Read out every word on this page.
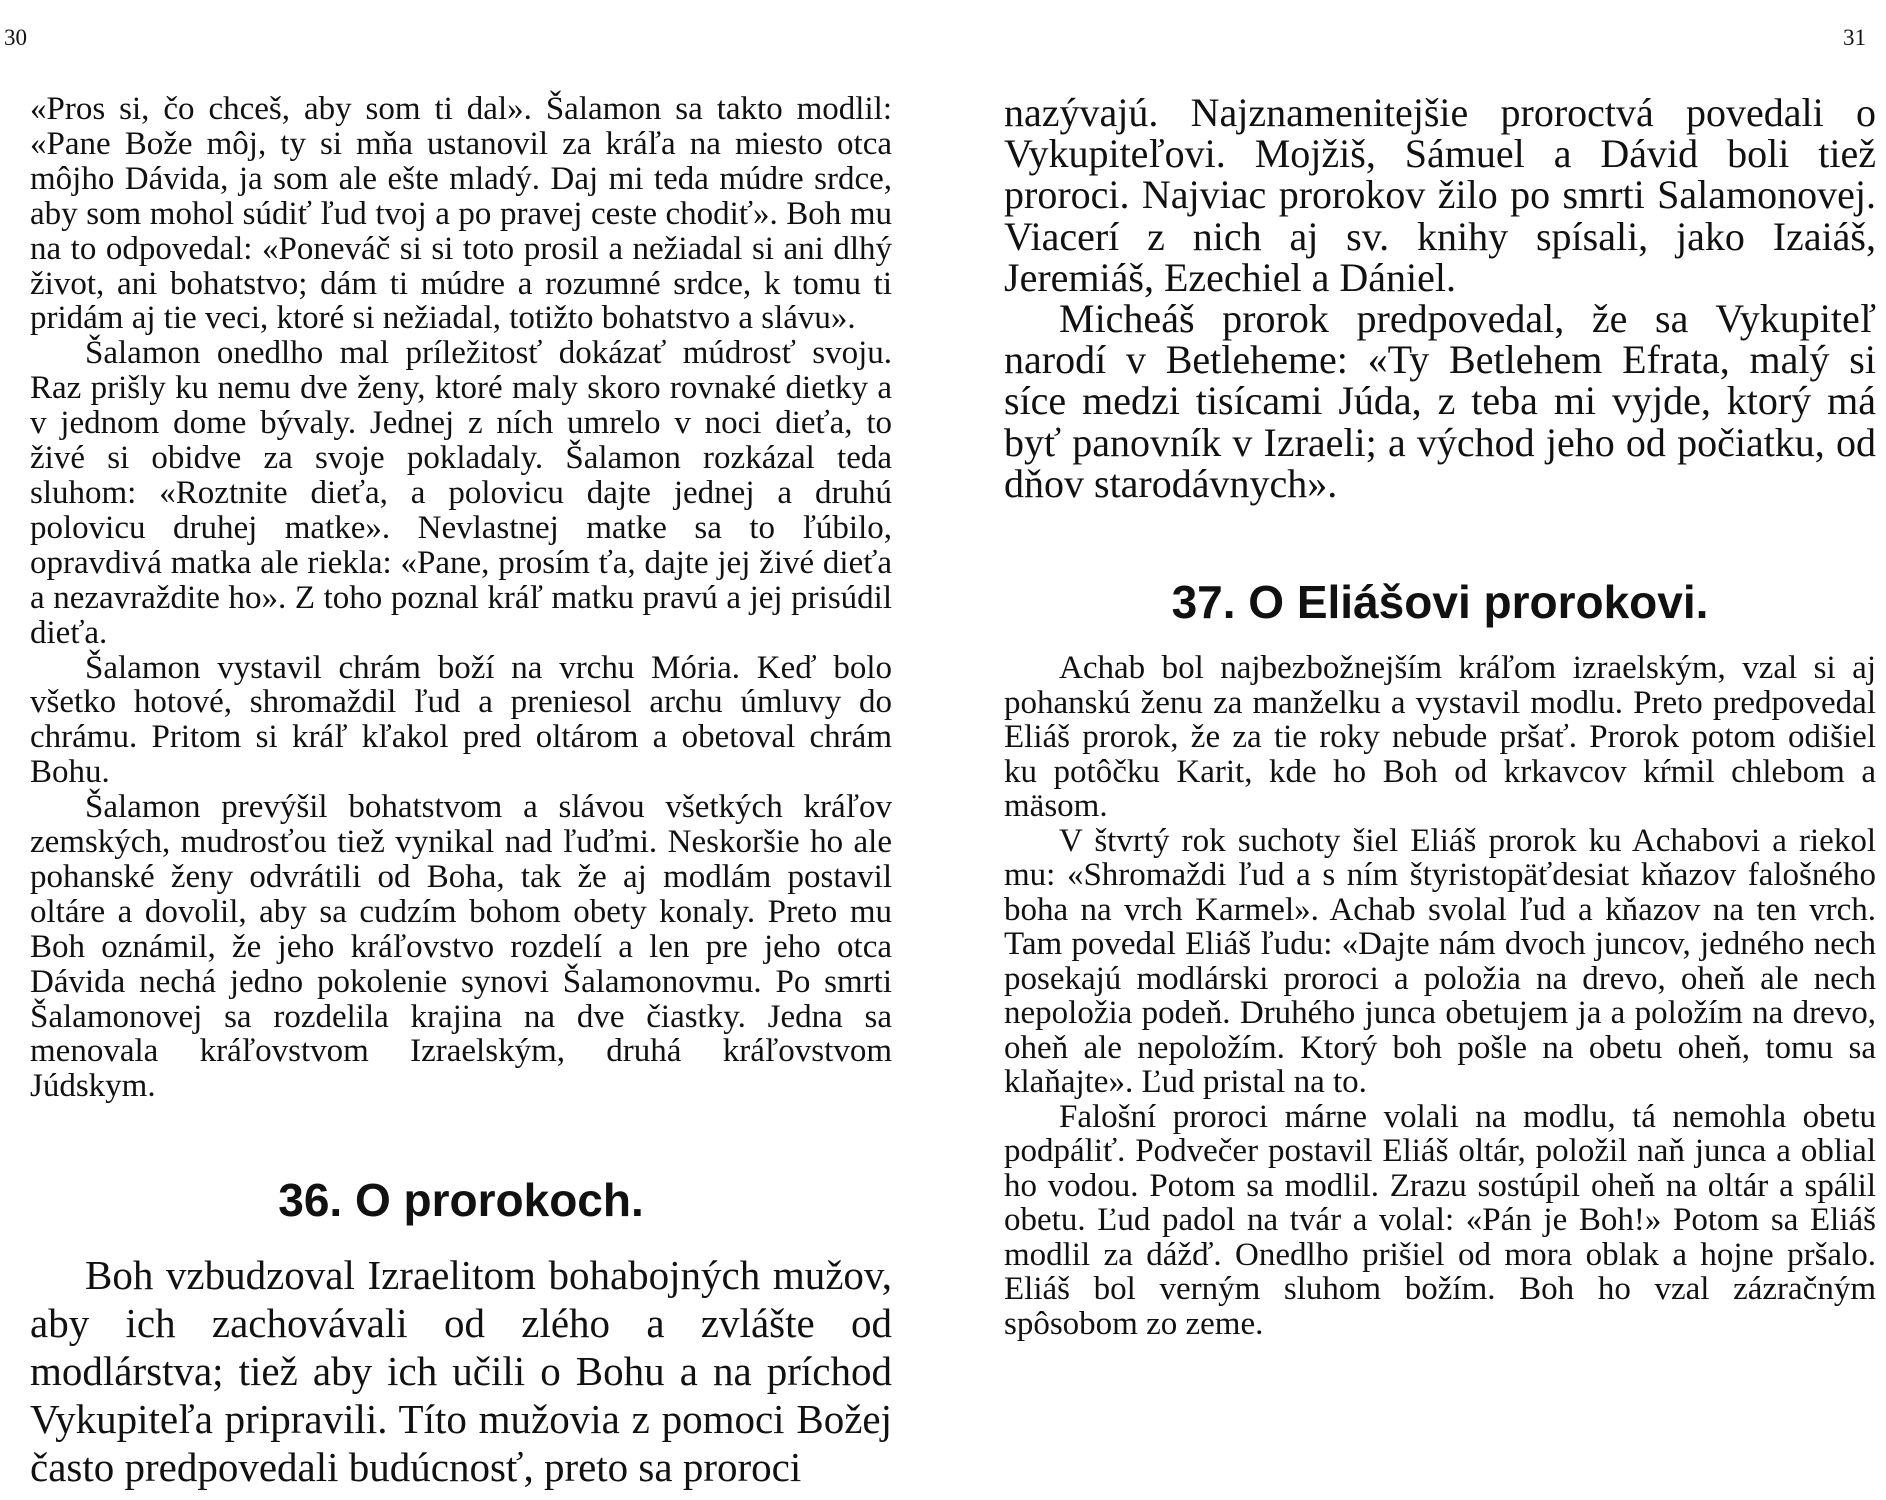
30

«Pros si, čo chceš, aby som ti dal». Šalamon sa takto modlil: «Pane Bože môj, ty si mňa ustanovil za kráľa na miesto otca môjho Dávida, ja som ale ešte mladý. Daj mi teda múdre srdce, aby som mohol súdiť ľud tvoj a po pravej ceste chodiť». Boh mu na to odpovedal: «Poneváč si si toto prosil a nežiadal si ani dlhý život, ani bohatstvo; dám ti múdre a rozumné srdce, k tomu ti pridám aj tie veci, ktoré si nežiadal, totižto bohatstvo a slávu».

Šalamon onedlho mal príležitosť dokázať múdrosť svoju. Raz prišly ku nemu dve ženy, ktoré maly skoro rovnaké dietky a v jednom dome bývaly. Jednej z ních umrelo v noci dieťa, to živé si obidve za svoje pokladaly. Šalamon rozkázal teda sluhom: «Roztnite dieťa, a polovicu dajte jednej a druhú polovicu druhej matke». Nevlastnej matke sa to ľúbilo, opravdivá matka ale riekla: «Pane, prosím ťa, dajte jej živé dieťa a nezavraždite ho». Z toho poznal kráľ matku pravú a jej prisúdil dieťa.

Šalamon vystavil chrám boží na vrchu Mória. Keď bolo všetko hotové, shromaždil ľud a preniesol archu úmluvy do chrámu. Pritom si kráľ kľakol pred oltárom a obetoval chrám Bohu.

Šalamon prevýšil bohatstvom a slávou všetkých kráľov zemských, mudrosťou tiež vynikal nad ľuďmi. Neskoršie ho ale pohanské ženy odvrátili od Boha, tak že aj modlám postavil oltáre a dovolil, aby sa cudzím bohom obety konaly. Preto mu Boh oznámil, že jeho kráľovstvo rozdelí a len pre jeho otca Dávida nechá jedno pokolenie synovi Šalamonovmu. Po smrti Šalamonovej sa rozdelila krajina na dve čiastky. Jedna sa menovala kráľovstvom Izraelským, druhá kráľovstvom Júdskym.

36. O prorokoch.

Boh vzbudzoval Izraelitom bohabojných mužov, aby ich zachovávali od zlého a zvlášte od modlárstva; tiež aby ich učili o Bohu a na príchod Vykupiteľa pripravili. Títo mužovia z pomoci Božej často predpovedali budúcnosť, preto sa proroci

31

nazývajú. Najznamenitejšie proroctvá povedali o Vykupiteľovi. Mojžiš, Sámuel a Dávid boli tiež proroci. Najviac prorokov žilo po smrti Salamonovej. Viacerí z nich aj sv. knihy spísali, jako Izaiáš, Jeremiáš, Ezechiel a Dániel.

Micheáš prorok predpovedal, že sa Vykupiteľ narodí v Betleheme: «Ty Betlehem Efrata, malý si síce medzi tisícami Júda, z teba mi vyjde, ktorý má byť panovník v Izraeli; a východ jeho od počiatku, od dňov starodávnych».

37. O Eliášovi prorokovi.

Achab bol najbezbožnejším kráľom izraelským, vzal si aj pohanskú ženu za manželku a vystavil modlu. Preto predpovedal Eliáš prorok, že za tie roky nebude pršať. Prorok potom odišiel ku potôčku Karit, kde ho Boh od krkavcov kŕmil chlebom a mäsom.

V štvrtý rok suchoty šiel Eliáš prorok ku Achabovi a riekol mu: «Shromaždi ľud a s ním štyristopäťdesiat kňazov falošného boha na vrch Karmel». Achab svolal ľud a kňazov na ten vrch. Tam povedal Eliáš ľudu: «Dajte nám dvoch juncov, jedného nech posekajú modlárski proroci a položia na drevo, oheň ale nech nepoložia podeň. Druhého junca obetujem ja a položím na drevo, oheň ale nepoložím. Ktorý boh pošle na obetu oheň, tomu sa klaňajte». Ľud pristal na to.

Falošní proroci márne volali na modlu, tá nemohla obetu podpáliť. Podvečer postavil Eliáš oltár, položil naň junca a oblial ho vodou. Potom sa modlil. Zrazu sostúpil oheň na oltár a spálil obetu. Ľud padol na tvár a volal: «Pán je Boh!» Potom sa Eliáš modlil za dážď. Onedlho prišiel od mora oblak a hojne pršalo. Eliáš bol verným sluhom božím. Boh ho vzal zázračným spôsobom zo zeme.
